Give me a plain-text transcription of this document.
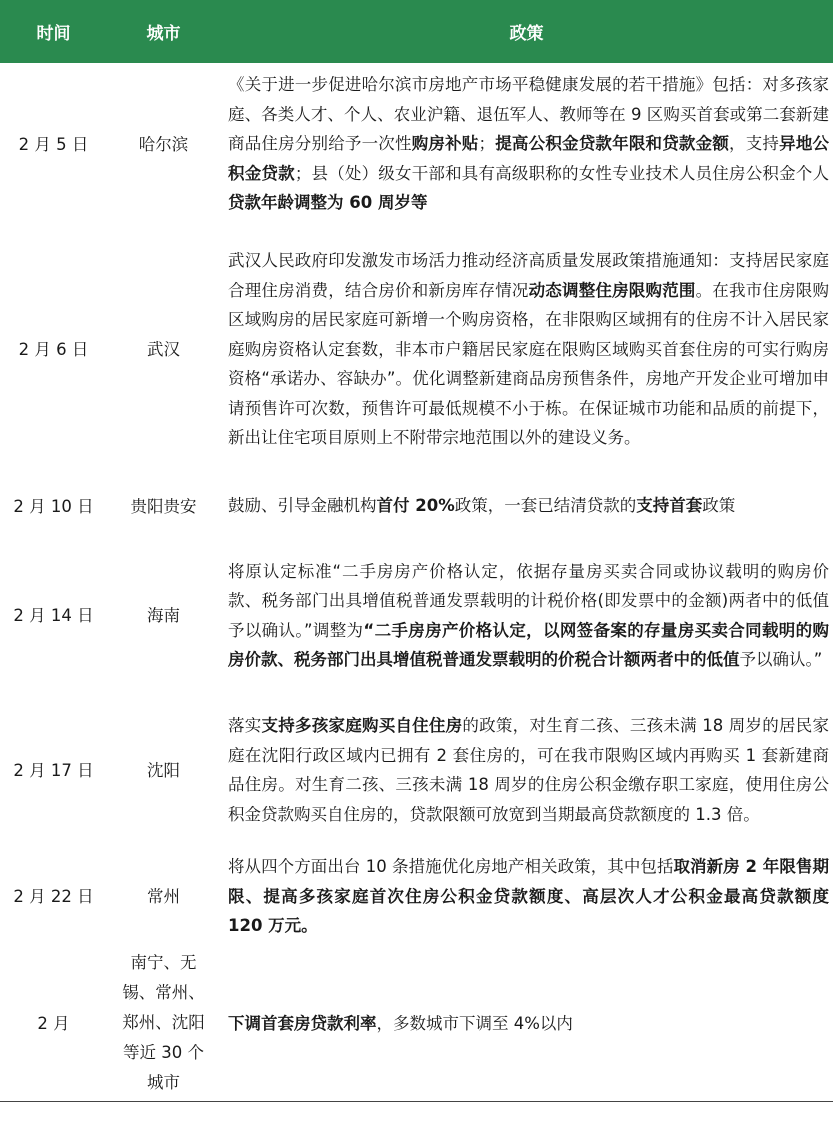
时间	城市	政策
2 月 5 日	哈尔滨	《关于进一步促进哈尔滨市房地产市场平稳健康发展的若干措施》包括：对多孩家庭、各类人才、个人、农业沪籍、退伍军人、教师等在 9 区购买首套或第二套新建商品住房分别给予一次性购房补贴；提高公积金贷款年限和贷款金额，支持异地公积金贷款；县（处）级女干部和具有高级职称的女性专业技术人员住房公积金个人贷款年龄调整为 60 周岁等
2 月 6 日	武汉	武汉人民政府印发激发市场活力推动经济高质量发展政策措施通知：支持居民家庭合理住房消费，结合房价和新房库存情况动态调整住房限购范围。在我市住房限购区域购房的居民家庭可新增一个购房资格，在非限购区域拥有的住房不计入居民家庭购房资格认定套数，非本市户籍居民家庭在限购区域购买首套住房的可实行购房资格“承诺办、容缺办”。优化调整新建商品房预售条件，房地产开发企业可增加申请预售许可次数，预售许可最低规模不小于栋。在保证城市功能和品质的前提下，新出让住宅项目原则上不附带宗地范围以外的建设义务。
2 月 10 日	贵阳贵安	鼓励、引导金融机构首付 20%政策，一套已结清贷款的支持首套政策
2 月 14 日	海南	将原认定标准“二手房房产价格认定，依据存量房买卖合同或协议载明的购房价款、税务部门出具增值税普通发票载明的计税价格(即发票中的金额)两者中的低值予以确认。”调整为“二手房房产价格认定，以网签备案的存量房买卖合同载明的购房价款、税务部门出具增值税普通发票载明的价税合计额两者中的低值予以确认。”
2 月 17 日	沈阳	落实支持多孩家庭购买自住住房的政策，对生育二孩、三孩未满 18 周岁的居民家庭在沈阳行政区域内已拥有 2 套住房的，可在我市限购区域内再购买 1 套新建商品住房。对生育二孩、三孩未满 18 周岁的住房公积金缴存职工家庭，使用住房公积金贷款购买自住房的，贷款限额可放宽到当期最高贷款额度的 1.3 倍。
2 月 22 日	常州	将从四个方面出台 10 条措施优化房地产相关政策，其中包括取消新房 2 年限售期限、提高多孩家庭首次住房公积金贷款额度、高层次人才公积金最高贷款额度 120 万元。
2 月	南宁、无锡、常州、郑州、沈阳等近 30 个城市	下调首套房贷款利率，多数城市下调至 4%以内
